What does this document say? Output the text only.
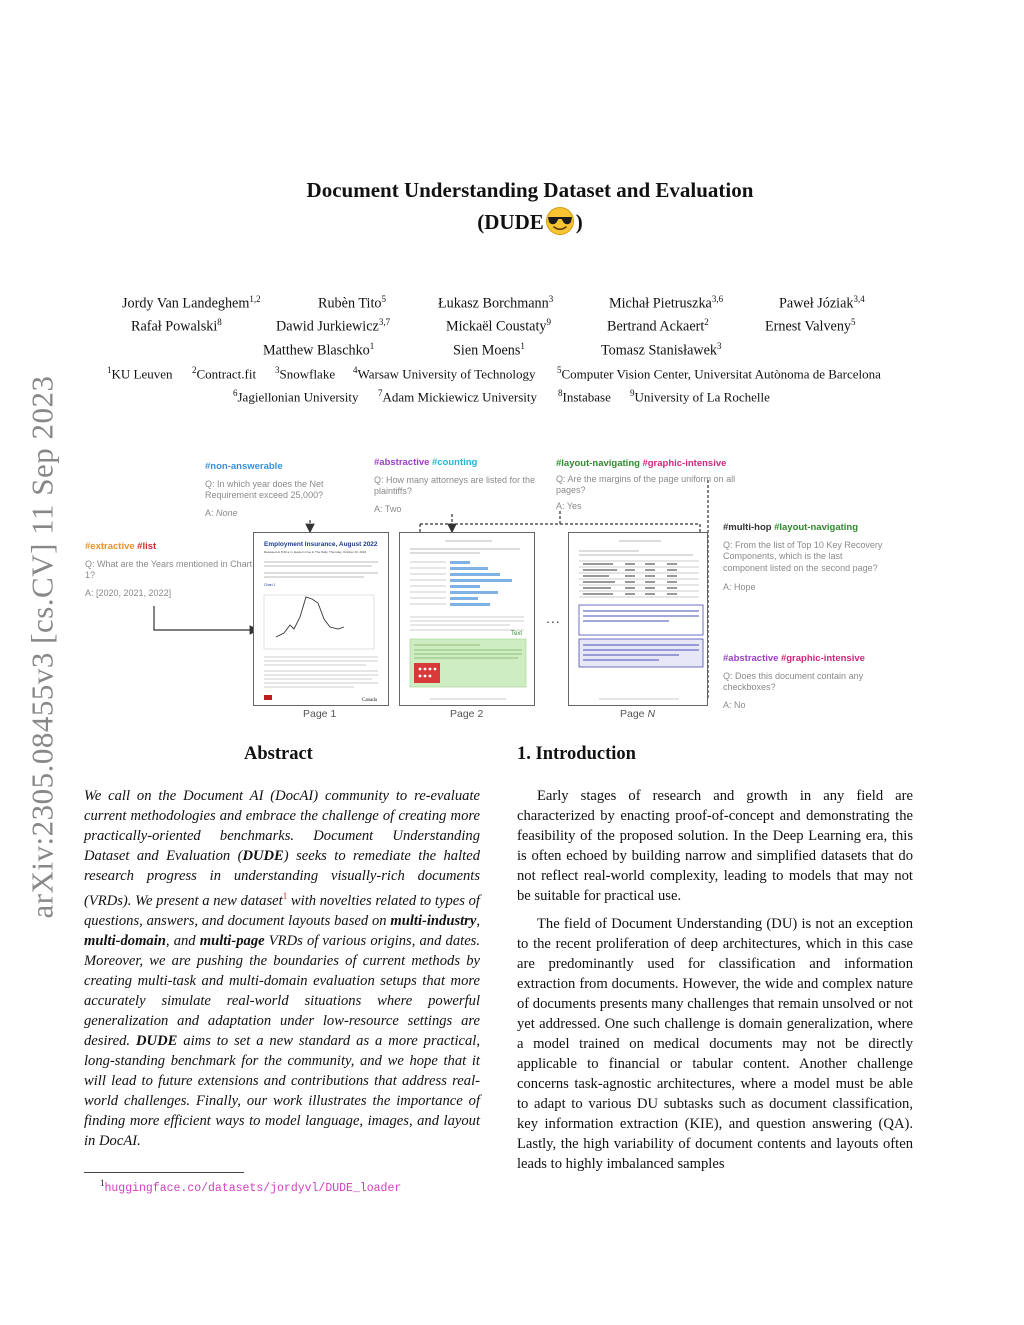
arXiv:2305.08455v3 [cs.CV] 11 Sep 2023
Document Understanding Dataset and Evaluation
(DUDE )
Jordy Van Landeghem$^{1,2}$	Rubèn Tito$^5$	Łukasz Borchmann$^3$	Michał Pietruszka$^{3,6}$	Paweł Józiak$^{3,4}$
Rafał Powalski$^8$	Dawid Jurkiewicz$^{3,7}$	Mickaël Coustaty$^9$	Bertrand Ackaert$^2$	Ernest Valveny$^5$
Matthew Blaschko$^1$	Sien Moens$^1$	Tomasz Stanisławek$^3$
$^1$KU Leuven $^2$Contract.fit $^3$Snowflake $^4$Warsaw University of Technology $^5$Computer Vision Center, Universitat Autònoma de Barcelona
$^6$Jagiellonian University $^7$Adam Mickiewicz University $^8$Instabase $^9$University of La Rochelle
#extractive #list
Q: What are the Years mentioned in Chart 1?
A: [2020, 2021, 2022]
#non-answerable
Q: In which year does the Net Requirement exceed 25,000?
A: None
#abstractive #counting
Q: How many attorneys are listed for the plaintiffs?
A: Two
#layout-navigating #graphic-intensive
Q: Are the margins of the page uniform on all pages?
A: Yes
#multi-hop #layout-navigating
Q: From the list of Top 10 Key Recovery Components, which is the last component listed on the second page?
A: Hope
#abstractive #graphic-intensive
Q: Does this document contain any checkboxes?
A: No
Employment Insurance, August 2022
Released at 8:30 a.m. Eastern time in The Daily, Thursday, October 20, 2022
Chart 1
Canada
Text
...
Page 1	Page 2	Page N
Abstract
We call on the Document AI (DocAI) community to re-evaluate current methodologies and embrace the challenge of creating more practically-oriented benchmarks. Document Understanding Dataset and Evaluation (DUDE) seeks to remediate the halted research progress in understanding visually-rich documents (VRDs). We present a new dataset$^1$ with novelties related to types of questions, answers, and document layouts based on multi-industry, multi-domain, and multi-page VRDs of various origins, and dates. Moreover, we are pushing the boundaries of current methods by creating multi-task and multi-domain evaluation setups that more accurately simulate real-world situations where powerful generalization and adaptation under low-resource settings are desired. DUDE aims to set a new standard as a more practical, long-standing benchmark for the community, and we hope that it will lead to future extensions and contributions that address real-world challenges. Finally, our work illustrates the importance of finding more efficient ways to model language, images, and layout in DocAI.
$^1$huggingface.co/datasets/jordyvl/DUDE_loader
1. Introduction
Early stages of research and growth in any field are characterized by enacting proof-of-concept and demonstrating the feasibility of the proposed solution. In the Deep Learning era, this is often echoed by building narrow and simplified datasets that do not reflect real-world complexity, leading to models that may not be suitable for practical use.
The field of Document Understanding (DU) is not an exception to the recent proliferation of deep architectures, which in this case are predominantly used for classification and information extraction from documents. However, the wide and complex nature of documents presents many challenges that remain unsolved or not yet addressed. One such challenge is domain generalization, where a model trained on medical documents may not be directly applicable to financial or tabular content. Another challenge concerns task-agnostic architectures, where a model must be able to adapt to various DU subtasks such as document classification, key information extraction (KIE), and question answering (QA). Lastly, the high variability of document contents and layouts often leads to highly imbalanced samples
